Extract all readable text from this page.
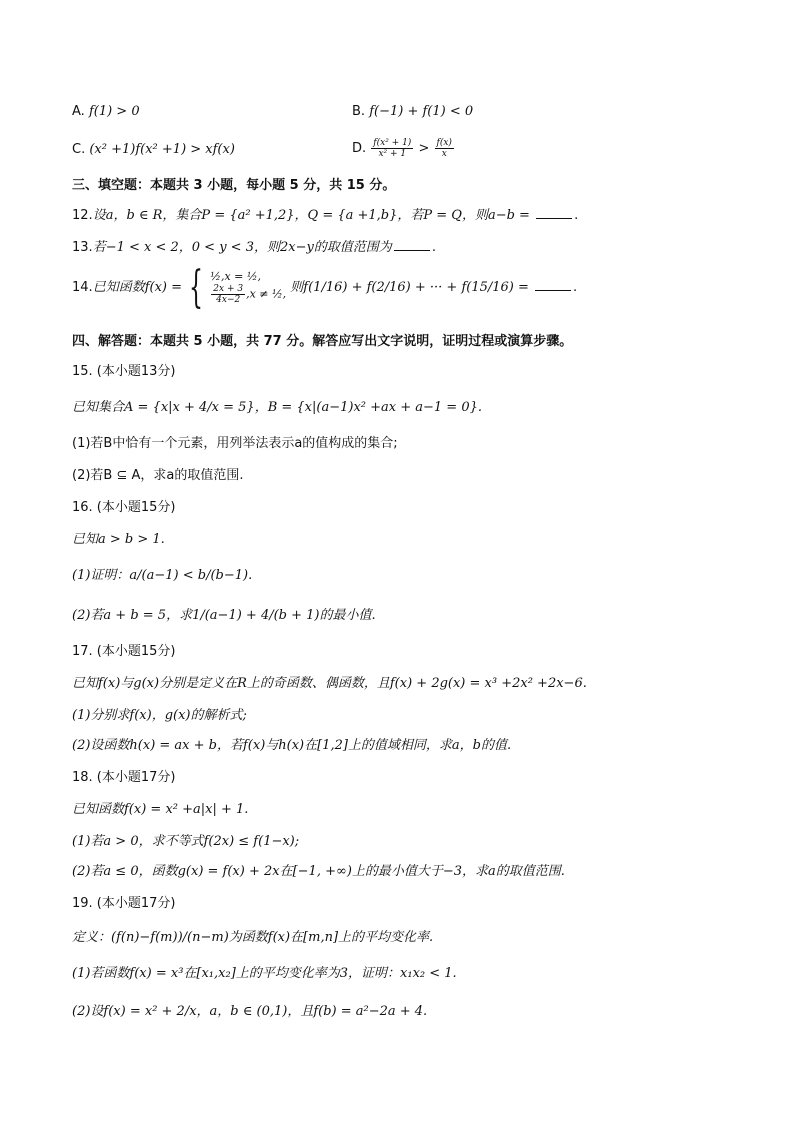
A. f(1) > 0	B. f(−1) + f(1) < 0
C. (x² +1)f(x² +1) > xf(x)	D. $\frac{\text{f(x² + 1)}}{\text{x² + 1}} > \frac{f(x)}{x}$
三、填空题：本题共 3 小题，每小题 5 分，共 15 分。
12.设a，b ∈ R，集合P = {a² +1,2}，Q = {a +1,b}，若P = Q，则a−b =	.
13.若−1 < x < 2，0 < y < 3，则2x−y的取值范围为	.
14.已知函数f(x) = { ½,x = ½,
$\frac{2x + 3}{4x-2} ,x$ ≠ ½, 则f(1/16) + f(2/16) + ··· + f(15/16) =	.
四、解答题：本题共 5 小题，共 77 分。解答应写出文字说明，证明过程或演算步骤。
15. (本小题13分)
已知集合A = {x|x + 4/x = 5}，B = {x|(a−1)x² +ax + a−1 = 0}.
(1)若B中恰有一个元素，用列举法表示a的值构成的集合;
(2)若B ⊆ A，求a的取值范围.
16. (本小题15分)
已知a > b > 1.
(1)证明：a/(a−1) < b/(b−1).
(2)若a + b = 5，求1/(a−1) + 4/(b + 1)的最小值.
17. (本小题15分)
已知f(x)与g(x)分别是定义在R上的奇函数、偶函数，且f(x) + 2g(x) = x³ +2x² +2x−6.
(1)分别求f(x)，g(x)的解析式;
(2)设函数h(x) = ax + b，若f(x)与h(x)在[1,2]上的值域相同，求a，b的值.
18. (本小题17分)
已知函数f(x) = x² +a|x| + 1.
(1)若a > 0，求不等式f(2x) ≤ f(1−x);
(2)若a ≤ 0，函数g(x) = f(x) + 2x在[−1, +∞)上的最小值大于−3，求a的取值范围.
19. (本小题17分)
定义：(f(n)−f(m))/(n−m)为函数f(x)在[m,n]上的平均变化率.
(1)若函数f(x) = x³在[x₁,x₂]上的平均变化率为3，证明：x₁x₂ < 1.
(2)设f(x) = x² + 2/x，a，b ∈ (0,1)，且f(b) = a²−2a + 4.
